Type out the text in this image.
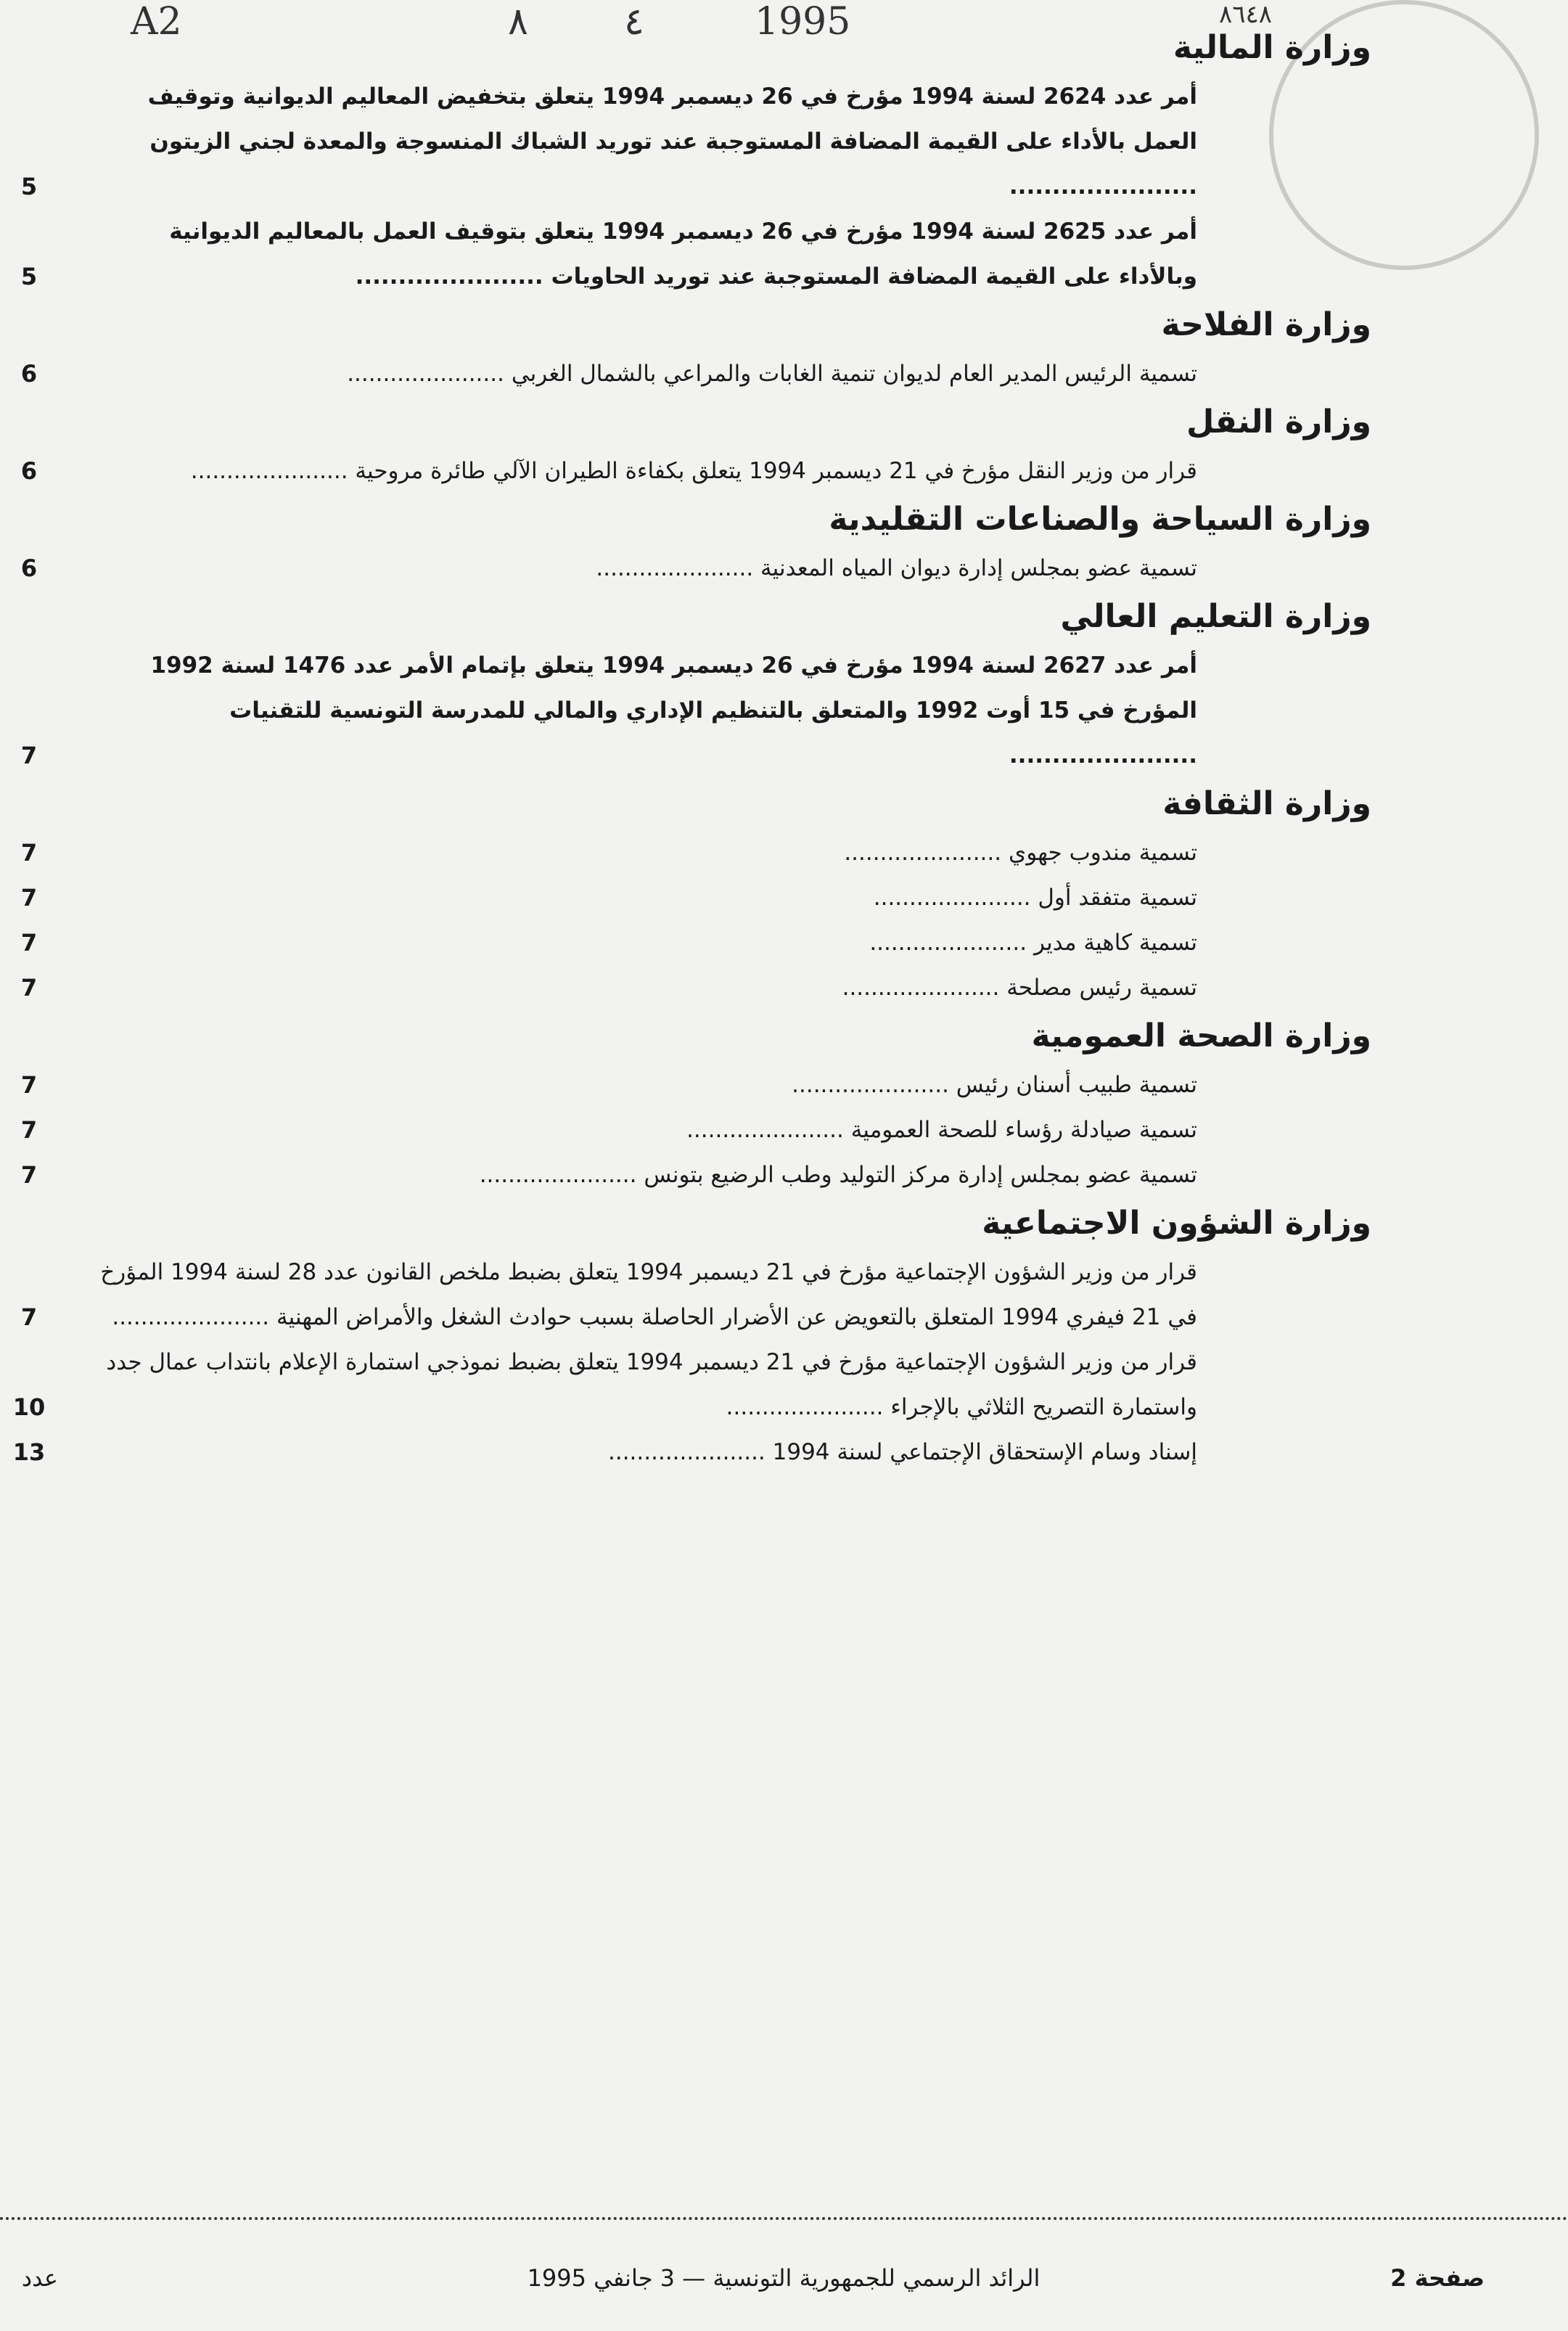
A2	٨	٤	1995	٨٦٤٨
وزارة المالية
أمر عدد 2624 لسنة 1994 مؤرخ في 26 ديسمبر 1994 يتعلق بتخفيض المعاليم الديوانية وتوقيف العمل بالأداء على القيمة المضافة المستوجبة عند توريد الشباك المنسوجة والمعدة لجني الزيتون ......................
5
أمر عدد 2625 لسنة 1994 مؤرخ في 26 ديسمبر 1994 يتعلق بتوقيف العمل بالمعاليم الديوانية وبالأداء على القيمة المضافة المستوجبة عند توريد الحاويات ......................
5
وزارة الفلاحة
تسمية الرئيس المدير العام لديوان تنمية الغابات والمراعي بالشمال الغربي ......................
6
وزارة النقل
قرار من وزير النقل مؤرخ في 21 ديسمبر 1994 يتعلق بكفاءة الطيران الآلي طائرة مروحية ......................
6
وزارة السياحة والصناعات التقليدية
تسمية عضو بمجلس إدارة ديوان المياه المعدنية ......................
6
وزارة التعليم العالي
أمر عدد 2627 لسنة 1994 مؤرخ في 26 ديسمبر 1994 يتعلق بإتمام الأمر عدد 1476 لسنة 1992 المؤرخ في 15 أوت 1992 والمتعلق بالتنظيم الإداري والمالي للمدرسة التونسية للتقنيات ......................
7
وزارة الثقافة
تسمية مندوب جهوي ......................
7
تسمية متفقد أول ......................
7
تسمية كاهية مدير ......................
7
تسمية رئيس مصلحة ......................
7
وزارة الصحة العمومية
تسمية طبيب أسنان رئيس ......................
7
تسمية صيادلة رؤساء للصحة العمومية ......................
7
تسمية عضو بمجلس إدارة مركز التوليد وطب الرضيع بتونس ......................
7
وزارة الشؤون الاجتماعية
قرار من وزير الشؤون الإجتماعية مؤرخ في 21 ديسمبر 1994 يتعلق بضبط ملخص القانون عدد 28 لسنة 1994 المؤرخ في 21 فيفري 1994 المتعلق بالتعويض عن الأضرار الحاصلة بسبب حوادث الشغل والأمراض المهنية ......................
7
قرار من وزير الشؤون الإجتماعية مؤرخ في 21 ديسمبر 1994 يتعلق بضبط نموذجي استمارة الإعلام بانتداب عمال جدد واستمارة التصريح الثلاثي بالإجراء ......................
10
إسناد وسام الإستحقاق الإجتماعي لسنة 1994 ......................
13
صفحة 2
الرائد الرسمي للجمهورية التونسية — 3 جانفي 1995
عدد
